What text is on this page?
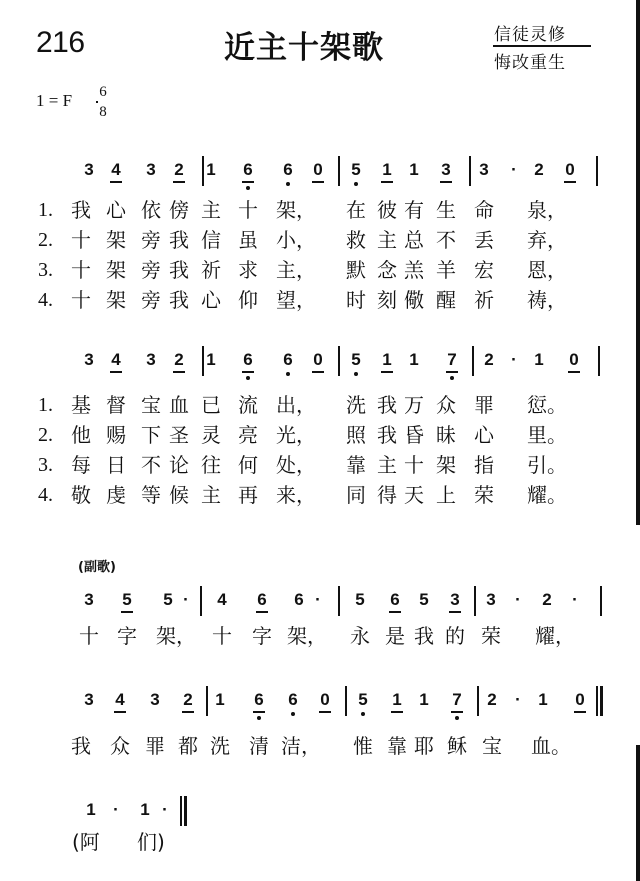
216	近主十架歌	信徒灵修
悔改重生
1 = F 6
8
(副歌)
3	4	3	2	1	6	6	0	5	1	1	3	3	·	2	0
1. 我 心 依 傍 主 十 架， 在 彼 有 生 命 泉，
2. 十 架 旁 我 信 虽 小， 救 主 总 不 丢 弃，
3. 十 架 旁 我 祈 求 主， 默 念 羔 羊 宏 恩，
4. 十 架 旁 我 心 仰 望， 时 刻 儆 醒 祈 祷，
3	4	3	2	1	6	6	0	5	1	1	7	2	·	1	0
1. 基 督 宝 血 已 流 出， 洗 我 万 众 罪 愆。
2. 他 赐 下 圣 灵 亮 光， 照 我 昏 昧 心 里。
3. 每 日 不 论 往 何 处， 靠 主 十 架 指 引。
4. 敬 虔 等 候 主 再 来， 同 得 天 上 荣 耀。
3	5	5 ·	4	6	6 ·	5	6	5	3	3	·	2	·
十 字 架， 十 字 架， 永 是 我 的 荣 耀，
3	4	3	2	1	6	6	0	5	1	1	7	2	·	1	0
我 众 罪 都 洗 清 洁， 惟 靠 耶 稣 宝 血。
1	·	1 ·
(阿 们)
